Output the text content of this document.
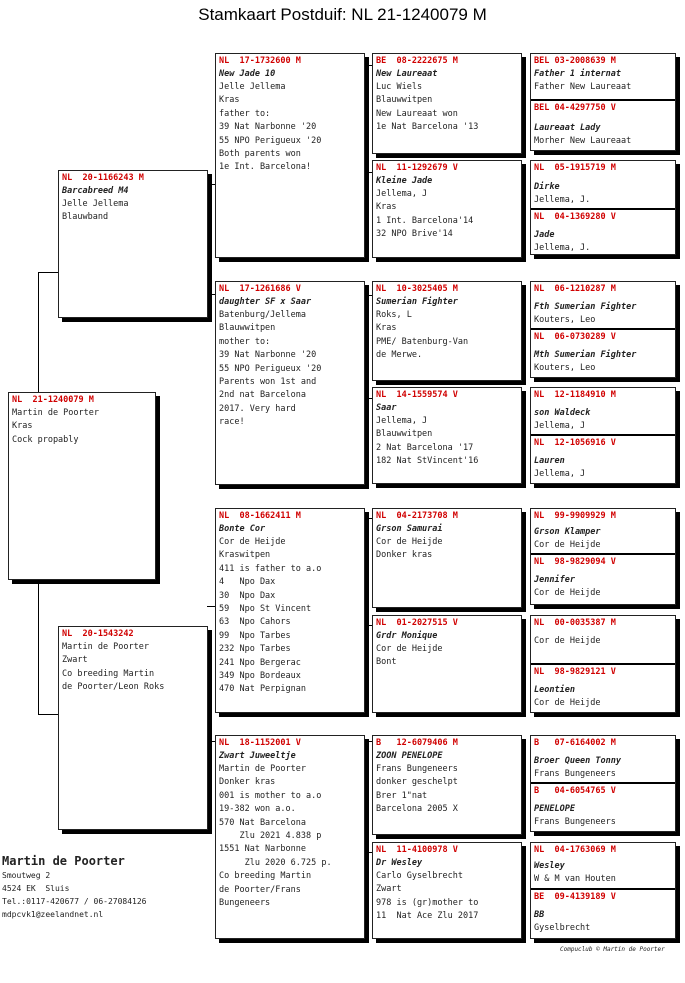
Stamkaart Postduif: NL 21-1240079 M
NL  21-1240079 M
Martin de Poorter
Kras
Cock propably
NL  20-1166243 M
Barcabreed M4
Jelle Jellema
Blauwband
NL  20-1543242
Martin de Poorter
Zwart
Co breeding Martin
de Poorter/Leon Roks
NL  17-1732600 M
New Jade 10
Jelle Jellema
Kras
father to:
39 Nat Narbonne '20
55 NPO Perigueux '20
Both parents won
1e Int. Barcelona!
NL  17-1261686 V
daughter SF x Saar
Batenburg/Jellema
Blauwwitpen
mother to:
39 Nat Narbonne '20
55 NPO Perigueux '20
Parents won 1st and
2nd nat Barcelona
2017. Very hard
race!
NL  08-1662411 M
Bonte Cor
Cor de Heijde
Kraswitpen
411 is father to a.o
4   Npo Dax
30  Npo Dax
59  Npo St Vincent
63  Npo Cahors
99  Npo Tarbes
232 Npo Tarbes
241 Npo Bergerac
349 Npo Bordeaux
470 Nat Perpignan
NL  18-1152001 V
Zwart Juweeltje
Martin de Poorter
Donker kras
001 is mother to a.o
19-382 won a.o.
570 Nat Barcelona
Zlu 2021 4.838 p
1551 Nat Narbonne
Zlu 2020 6.725 p.
Co breeding Martin
de Poorter/Frans
Bungeneers
BE  08-2222675 M
New Laureaat
Luc Wiels
Blauwwitpen
New Laureaat won
1e Nat Barcelona '13
NL  11-1292679 V
Kleine Jade
Jellema, J
Kras
1 Int. Barcelona'14
32 NPO Brive'14
NL  10-3025405 M
Sumerian Fighter
Roks, L
Kras
PME/ Batenburg-Van
de Merwe.
NL  14-1559574 V
Saar
Jellema, J
Blauwwitpen
2 Nat Barcelona '17
182 Nat StVincent'16
NL  04-2173708 M
Grson Samurai
Cor de Heijde
Donker kras
NL  01-2027515 V
Grdr Monique
Cor de Heijde
Bont
B   12-6079406 M
ZOON PENELOPE
Frans Bungeneers
donker geschelpt
Brer 1"nat
Barcelona 2005 X
NL  11-4100978 V
Dr Wesley
Carlo Gyselbrecht
Zwart
978 is (gr)mother to
11  Nat Ace Zlu 2017
BEL 03-2008639 M
Father 1 internat
Father New Laureaat
BEL 04-4297750 V
Laureaat Lady
Morher New Laureaat
NL  05-1915719 M
Dirke
Jellema, J.
NL  04-1369280 V
Jade
Jellema, J.
NL  06-1210287 M
Fth Sumerian Fighter
Kouters, Leo
NL  06-0730289 V
Mth Sumerian Fighter
Kouters, Leo
NL  12-1184910 M
son Waldeck
Jellema, J
NL  12-1056916 V
Lauren
Jellema, J
NL  99-9909929 M
Grson Klamper
Cor de Heijde
NL  98-9829094 V
Jennifer
Cor de Heijde
NL  00-0035387 M
Cor de Heijde
NL  98-9829121 V
Leontien
Cor de Heijde
B   07-6164002 M
Broer Queen Tonny
Frans Bungeneers
B   04-6054765 V
PENELOPE
Frans Bungeneers
NL  04-1763069 M
Wesley
W & M van Houten
BE  09-4139189 V
BB
Gyselbrecht
Martin de Poorter
Smoutweg 2
4524 EK  Sluis
Tel.:0117-420677 / 06-27084126
mdpcvk1@zeelandnet.nl
Compuclub © Martin de Poorter
